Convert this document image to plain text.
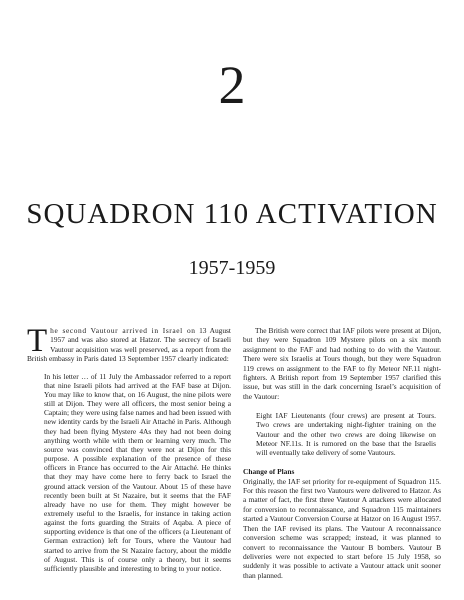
2
SQUADRON 110 ACTIVATION
1957-1959

T he second Vautour arrived in Israel on 13 August 1957 and was also stored at Hatzor. The secrecy of Israeli Vautour acquisition was well preserved, as a report from the British embassy in Paris dated 13 September 1957 clearly indicated:

In his letter … of 11 July the Ambassador referred to a report that nine Israeli pilots had arrived at the FAF base at Dijon. You may like to know that, on 16 August, the nine pilots were still at Dijon. They were all officers, the most senior being a Captain; they were using false names and had been issued with new identity cards by the Israeli Air Attaché in Paris. Although they had been flying Mystere 4As they had not been doing anything worth while with them or learning very much. The source was convinced that they were not at Dijon for this purpose. A possible explanation of the presence of these officers in France has occurred to the Air Attaché. He thinks that they may have come here to ferry back to Israel the ground attack version of the Vautour. About 15 of these have recently been built at St Nazaire, but it seems that the FAF already have no use for them. They might however be extremely useful to the Israelis, for instance in taking action against the forts guarding the Straits of Aqaba. A piece of supporting evidence is that one of the officers (a Lieutenant of German extraction) left for Tours, where the Vautour had started to arrive from the St Nazaire factory, about the middle of August. This is of course only a theory, but it seems sufficiently plausible and interesting to bring to your notice.

The British were correct that IAF pilots were present at Dijon, but they were Squadron 109 Mystere pilots on a six month assignment to the FAF and had nothing to do with the Vautour. There were six Israelis at Tours though, but they were Squadron 119 crews on assignment to the FAF to fly Meteor NF.11 night-fighters. A British report from 19 September 1957 clarified this issue, but was still in the dark concerning Israel’s acquisition of the Vautour:

Eight IAF Lieutenants (four crews) are present at Tours. Two crews are undertaking night-fighter training on the Vautour and the other two crews are doing likewise on Meteor NF.11s. It is rumored on the base that the Israelis will eventually take delivery of some Vautours.

Change of Plans

Originally, the IAF set priority for re-equipment of Squadron 115. For this reason the first two Vautours were delivered to Hatzor. As a matter of fact, the first three Vautour A attackers were allocated for conversion to reconnaissance, and Squadron 115 maintainers started a Vautour Conversion Course at Hatzor on 16 August 1957. Then the IAF revised its plans. The Vautour A reconnaissance conversion scheme was scrapped; instead, it was planned to convert to reconnaissance the Vautour B bombers. Vautour B deliveries were not expected to start before 15 July 1958, so suddenly it was possible to activate a Vautour attack unit sooner than planned.
